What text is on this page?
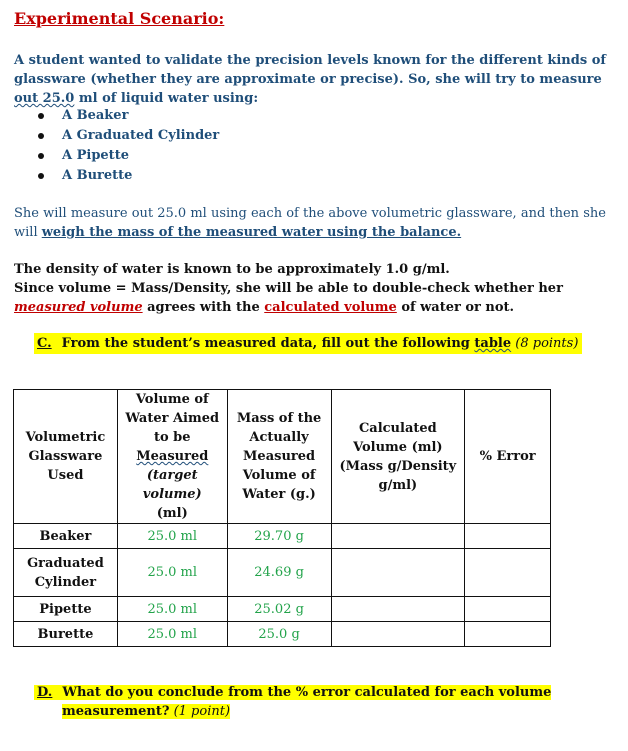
Experimental Scenario:
A student wanted to validate the precision levels known for the different kinds of glassware (whether they are approximate or precise). So, she will try to measure out 25.0 ml of liquid water using:
A Beaker
A Graduated Cylinder
A Pipette
A Burette
She will measure out 25.0 ml using each of the above volumetric glassware, and then she will weigh the mass of the measured water using the balance.
The density of water is known to be approximately 1.0 g/ml.
Since volume = Mass/Density, she will be able to double-check whether her
measured volume agrees with the calculated volume of water or not.
C. From the student’s measured data, fill out the following table (8 points)
Volumetric Glassware Used	Volume of Water Aimed to be Measured
(target volume)
(ml)	Mass of the Actually Measured Volume of Water (g.)	Calculated Volume (ml) (Mass g/Density g/ml)	% Error
Beaker	25.0 ml	29.70 g		
Graduated Cylinder	25.0 ml	24.69 g		
Pipette	25.0 ml	25.02 g		
Burette	25.0 ml	25.0 g		
D. What do you conclude from the % error calculated for each volume
measurement? (1 point)
